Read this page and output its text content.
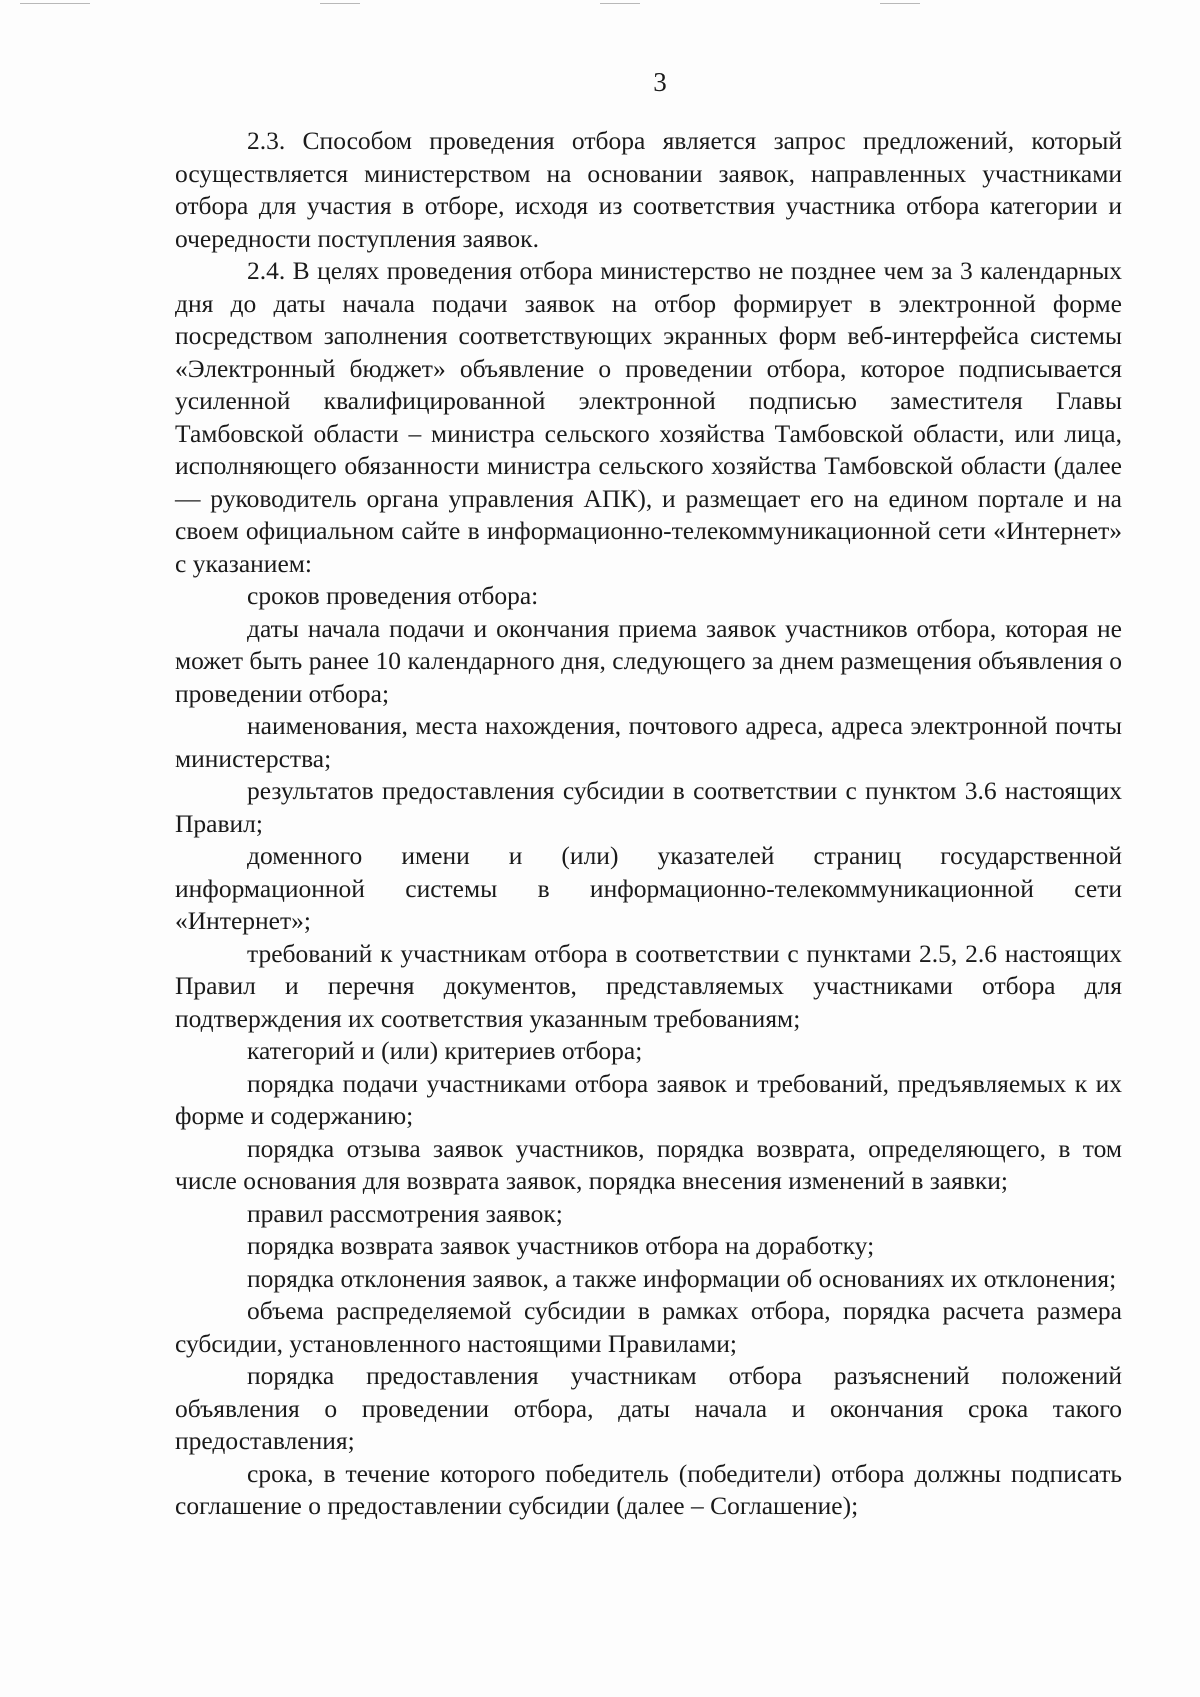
3

2.3. Способом проведения отбора является запрос предложений, который осуществляется министерством на основании заявок, направленных участниками отбора для участия в отборе, исходя из соответствия участника отбора категории и очередности поступления заявок.

2.4. В целях проведения отбора министерство не позднее чем за 3 календарных дня до даты начала подачи заявок на отбор формирует в электронной форме посредством заполнения соответствующих экранных форм веб-интерфейса системы «Электронный бюджет» объявление о проведении отбора, которое подписывается усиленной квалифицированной электронной подписью заместителя Главы Тамбовской области – министра сельского хозяйства Тамбовской области, или лица, исполняющего обязанности министра сельского хозяйства Тамбовской области (далее — руководитель органа управления АПК), и размещает его на едином портале и на своем официальном сайте в информационно-телекоммуникационной сети «Интернет» с указанием:

сроков проведения отбора:

даты начала подачи и окончания приема заявок участников отбора, которая не может быть ранее 10 календарного дня, следующего за днем размещения объявления о проведении отбора;

наименования, места нахождения, почтового адреса, адреса электронной почты министерства;

результатов предоставления субсидии в соответствии с пунктом 3.6 настоящих Правил;

доменного имени и (или) указателей страниц государственной информационной системы в информационно-телекоммуникационной сети «Интернет»;

требований к участникам отбора в соответствии с пунктами 2.5, 2.6 настоящих Правил и перечня документов, представляемых участниками отбора для подтверждения их соответствия указанным требованиям;

категорий и (или) критериев отбора;

порядка подачи участниками отбора заявок и требований, предъявляемых к их форме и содержанию;

порядка отзыва заявок участников, порядка возврата, определяющего, в том числе основания для возврата заявок, порядка внесения изменений в заявки;

правил рассмотрения заявок;

порядка возврата заявок участников отбора на доработку;

порядка отклонения заявок, а также информации об основаниях их отклонения;

объема распределяемой субсидии в рамках отбора, порядка расчета размера субсидии, установленного настоящими Правилами;

порядка предоставления участникам отбора разъяснений положений объявления о проведении отбора, даты начала и окончания срока такого предоставления;

срока, в течение которого победитель (победители) отбора должны подписать соглашение о предоставлении субсидии (далее – Соглашение);
